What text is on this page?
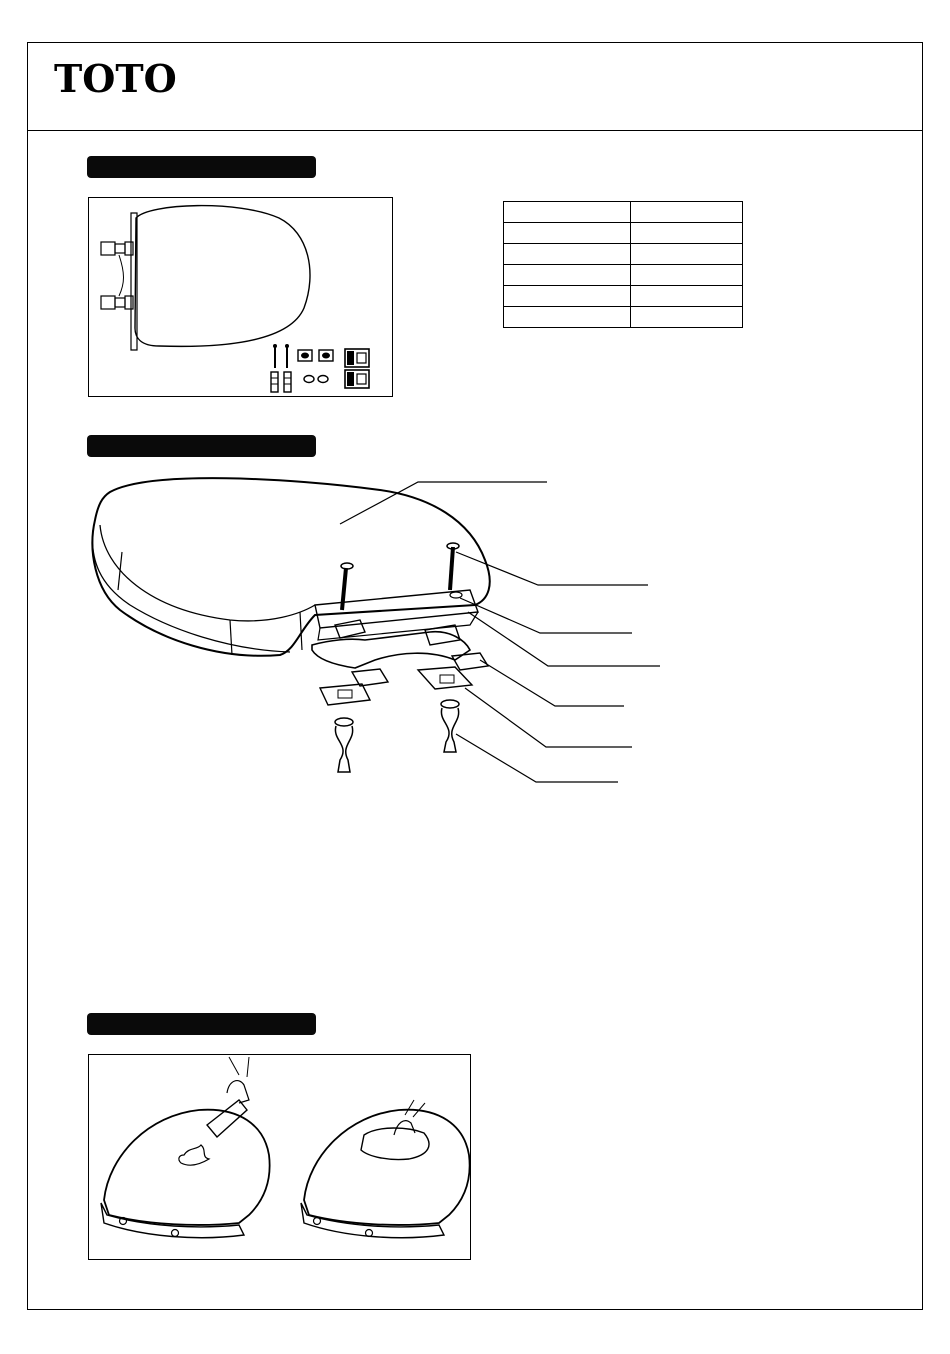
TOTO
